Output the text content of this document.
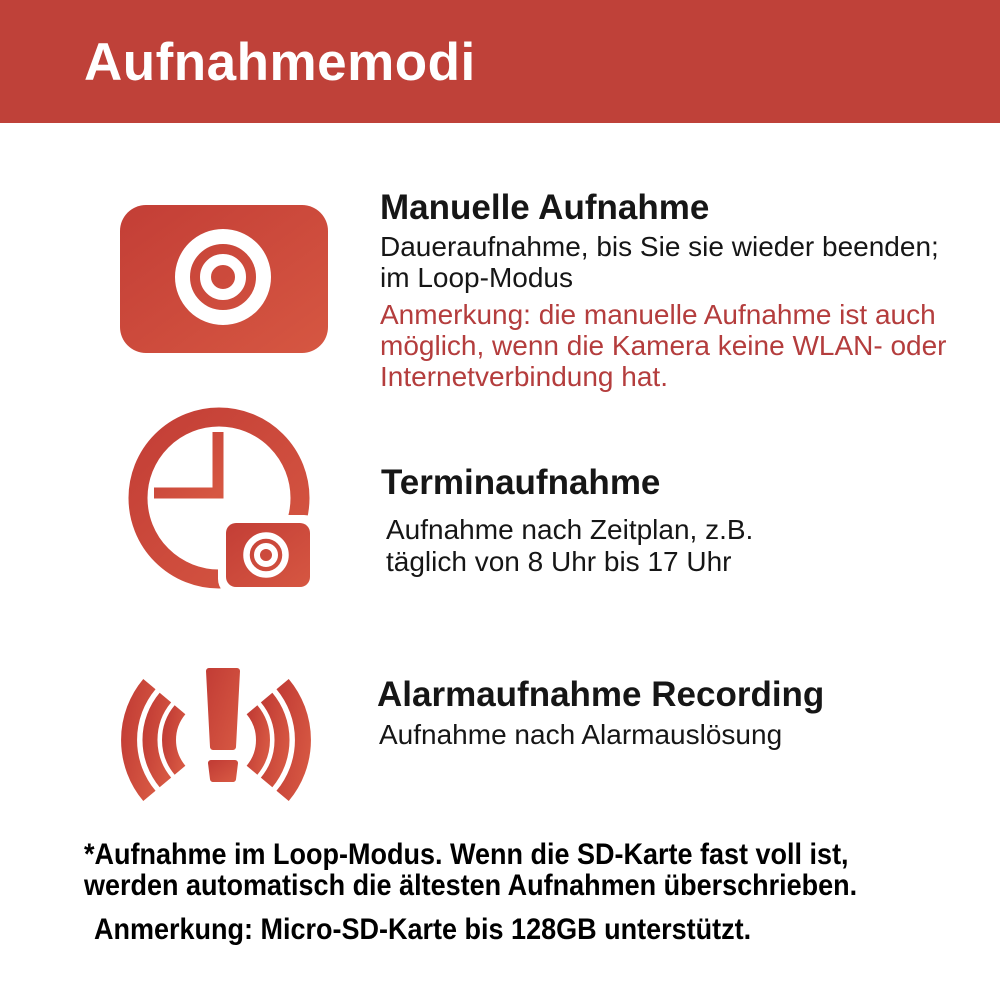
Aufnahmemodi
Manuelle Aufnahme
Daueraufnahme, bis Sie sie wieder beenden;
im Loop-Modus
Anmerkung: die manuelle Aufnahme ist auch
möglich, wenn die Kamera keine WLAN- oder
Internetverbindung hat.
Terminaufnahme
Aufnahme nach Zeitplan, z.B.
täglich von 8 Uhr bis 17 Uhr
Alarmaufnahme Recording
Aufnahme nach Alarmauslösung
*Aufnahme im Loop-Modus. Wenn die SD-Karte fast voll ist,
werden automatisch die ältesten Aufnahmen überschrieben.
Anmerkung: Micro-SD-Karte bis 128GB unterstützt.
